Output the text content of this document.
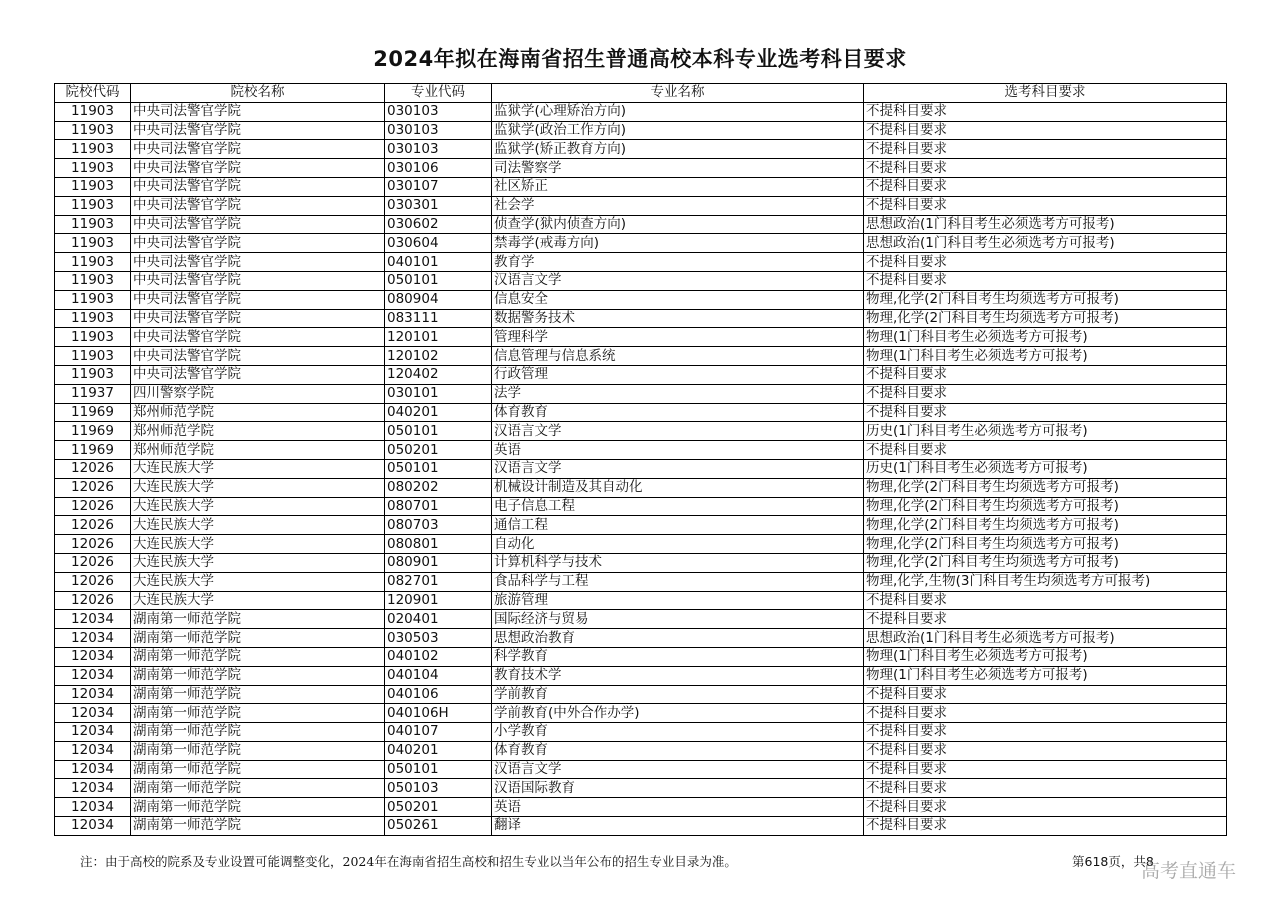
2024年拟在海南省招生普通高校本科专业选考科目要求
院校代码	院校名称	专业代码	专业名称	选考科目要求
11903	中央司法警官学院	030103	监狱学(心理矫治方向)	不提科目要求
11903	中央司法警官学院	030103	监狱学(政治工作方向)	不提科目要求
11903	中央司法警官学院	030103	监狱学(矫正教育方向)	不提科目要求
11903	中央司法警官学院	030106	司法警察学	不提科目要求
11903	中央司法警官学院	030107	社区矫正	不提科目要求
11903	中央司法警官学院	030301	社会学	不提科目要求
11903	中央司法警官学院	030602	侦查学(狱内侦查方向)	思想政治(1门科目考生必须选考方可报考)
11903	中央司法警官学院	030604	禁毒学(戒毒方向)	思想政治(1门科目考生必须选考方可报考)
11903	中央司法警官学院	040101	教育学	不提科目要求
11903	中央司法警官学院	050101	汉语言文学	不提科目要求
11903	中央司法警官学院	080904	信息安全	物理,化学(2门科目考生均须选考方可报考)
11903	中央司法警官学院	083111	数据警务技术	物理,化学(2门科目考生均须选考方可报考)
11903	中央司法警官学院	120101	管理科学	物理(1门科目考生必须选考方可报考)
11903	中央司法警官学院	120102	信息管理与信息系统	物理(1门科目考生必须选考方可报考)
11903	中央司法警官学院	120402	行政管理	不提科目要求
11937	四川警察学院	030101	法学	不提科目要求
11969	郑州师范学院	040201	体育教育	不提科目要求
11969	郑州师范学院	050101	汉语言文学	历史(1门科目考生必须选考方可报考)
11969	郑州师范学院	050201	英语	不提科目要求
12026	大连民族大学	050101	汉语言文学	历史(1门科目考生必须选考方可报考)
12026	大连民族大学	080202	机械设计制造及其自动化	物理,化学(2门科目考生均须选考方可报考)
12026	大连民族大学	080701	电子信息工程	物理,化学(2门科目考生均须选考方可报考)
12026	大连民族大学	080703	通信工程	物理,化学(2门科目考生均须选考方可报考)
12026	大连民族大学	080801	自动化	物理,化学(2门科目考生均须选考方可报考)
12026	大连民族大学	080901	计算机科学与技术	物理,化学(2门科目考生均须选考方可报考)
12026	大连民族大学	082701	食品科学与工程	物理,化学,生物(3门科目考生均须选考方可报考)
12026	大连民族大学	120901	旅游管理	不提科目要求
12034	湖南第一师范学院	020401	国际经济与贸易	不提科目要求
12034	湖南第一师范学院	030503	思想政治教育	思想政治(1门科目考生必须选考方可报考)
12034	湖南第一师范学院	040102	科学教育	物理(1门科目考生必须选考方可报考)
12034	湖南第一师范学院	040104	教育技术学	物理(1门科目考生必须选考方可报考)
12034	湖南第一师范学院	040106	学前教育	不提科目要求
12034	湖南第一师范学院	040106H	学前教育(中外合作办学)	不提科目要求
12034	湖南第一师范学院	040107	小学教育	不提科目要求
12034	湖南第一师范学院	040201	体育教育	不提科目要求
12034	湖南第一师范学院	050101	汉语言文学	不提科目要求
12034	湖南第一师范学院	050103	汉语国际教育	不提科目要求
12034	湖南第一师范学院	050201	英语	不提科目要求
12034	湖南第一师范学院	050261	翻译	不提科目要求
注：由于高校的院系及专业设置可能调整变化，2024年在海南省招生高校和招生专业以当年公布的招生专业目录为准。	第618页，共8
高考直通车
